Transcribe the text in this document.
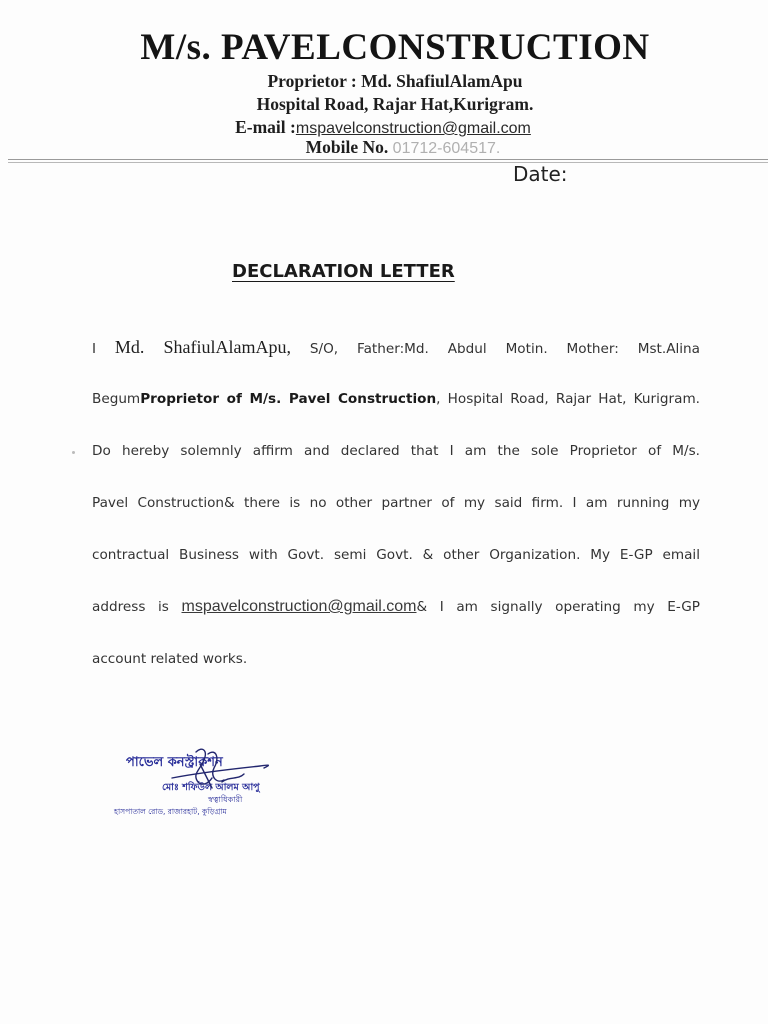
M/s. PAVELCONSTRUCTION
Proprietor : Md. ShafiulAlamApu
Hospital Road, Rajar Hat,Kurigram.
E-mail :mspavelconstruction@gmail.com
Mobile No. 01712-604517.
Date:
DECLARATION LETTER
I Md. ShafiulAlamApu, S/O, Father:Md. Abdul Motin. Mother: Mst.Alina
BegumProprietor of M/s. Pavel Construction, Hospital Road, Rajar Hat, Kurigram.
Do hereby solemnly affirm and declared that I am the sole Proprietor of M/s.
Pavel Construction& there is no other partner of my said firm. I am running my
contractual Business with Govt. semi Govt. & other Organization. My E-GP email
address is mspavelconstruction@gmail.com& I am signally operating my E-GP
account related works.
পাভেল কনস্ট্রাকশন
মোঃ শফিউল আলম আপু
স্বত্বাধিকারী
হাসপাতাল রোড, রাজারহাট, কুড়িগ্রাম
